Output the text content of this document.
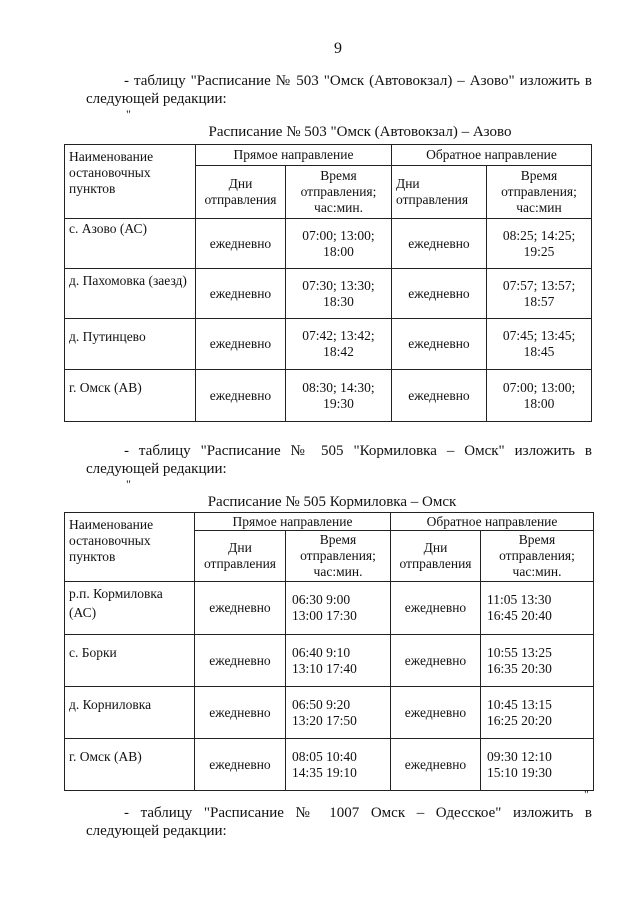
9
- таблицу "Расписание № 503 "Омск (Автовокзал) – Азово" изложить в
следующей редакции:
"
Расписание № 503 "Омск (Автовокзал) – Азово
Наименование остановочных пунктов	Прямое направление		Обратное направление	
	Дни отправления	Время отправления; час:мин.	Дни отправления	Время отправления; час:мин
с. Азово (АС)	ежедневно	07:00; 13:00;
18:00	ежедневно	08:25; 14:25;
19:25

д. Пахомовка (заезд)	ежедневно	07:30; 13:30;
18:30	ежедневно	07:57; 13:57;
18:57

д. Путинцево	ежедневно	07:42; 13:42;
18:42	ежедневно	07:45; 13:45;
18:45

г. Омск (АВ)	ежедневно	08:30; 14:30;
19:30	ежедневно	07:00; 13:00;
18:00
- таблицу "Расписание № 505 "Кормиловка – Омск" изложить в
следующей редакции:
"
Расписание № 505 Кормиловка – Омск
Наименование остановочных пунктов	Прямое направление		Обратное направление	
	Дни отправления	Время отправления; час:мин.	Дни отправления	Время отправления; час:мин.
р.п. Кормиловка (АС)	ежедневно	06:30 9:00
13:00 17:30	ежедневно	11:05 13:30
16:45 20:40

с. Борки	ежедневно	06:40 9:10
13:10 17:40	ежедневно	10:55 13:25
16:35 20:30

д. Корниловка	ежедневно	06:50 9:20
13:20 17:50	ежедневно	10:45 13:15
16:25 20:20

г. Омск (АВ)	ежедневно	08:05 10:40
14:35 19:10	ежедневно	09:30 12:10
15:10 19:30
"
- таблицу "Расписание № 1007 Омск – Одесское" изложить в
следующей редакции:
